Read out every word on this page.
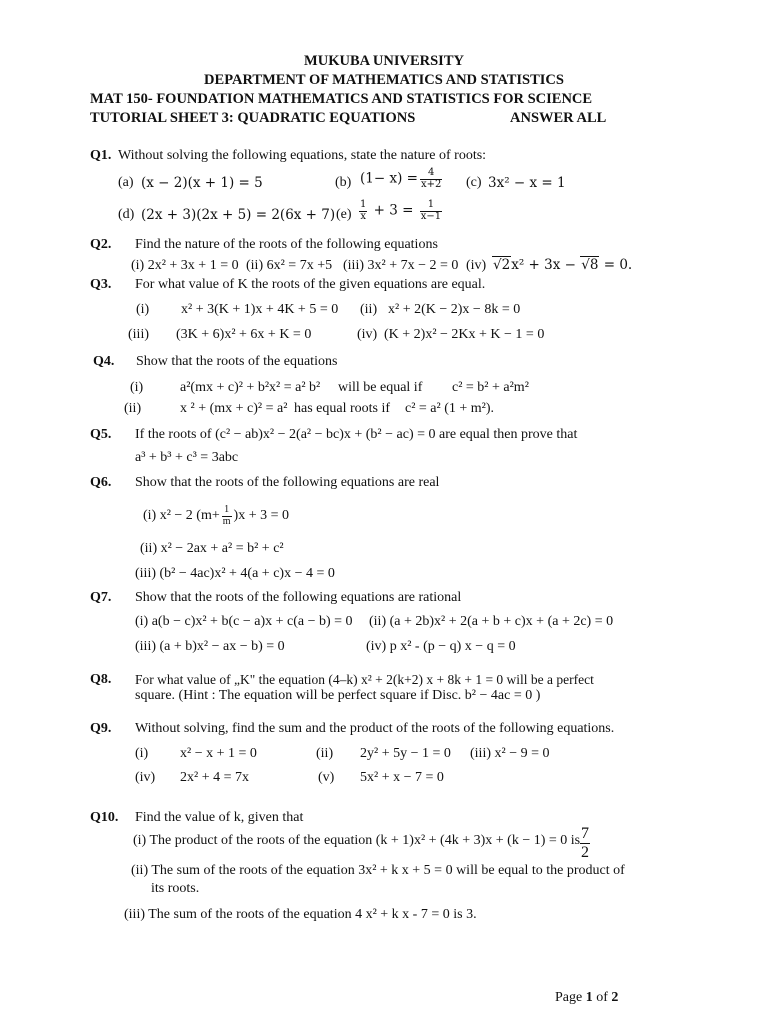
MUKUBA UNIVERSITY
DEPARTMENT OF MATHEMATICS AND STATISTICS
MAT 150- FOUNDATION MATHEMATICS AND STATISTICS FOR SCIENCE
TUTORIAL SHEET 3: QUADRATIC EQUATIONS	ANSWER ALL
Q1. Without solving the following equations, state the nature of roots:
(a) (x − 2)(x + 1) = 5	(b) $(1- x) = \frac{4}{x+2} (c) 3x^2 - x = 1$
(d) (2x + 3)(2x + 5) = 2(6x + 7) $(e) \frac{1}{x} + 3 = \frac{1}{x-1}$
Q2. Find the nature of the roots of the following equations
(i) 2x² + 3x + 1 = 0 (ii) 6x² = 7x +5 (iii) 3x² + 7x − 2 = 0 (iv) √2x² + 3x − √8 = 0.
Q3. For what value of K the roots of the given equations are equal.
(i) x² + 3(K + 1)x + 4K + 5 = 0 (ii) x² + 2(K − 2)x − 8k = 0
(iii) (3K + 6)x² + 6x + K = 0	(iv) (K + 2)x² − 2Kx + K − 1 = 0
Q4. Show that the roots of the equations
(i)	a²(mx + c)² + b²x² = a² b² will be equal if c² = b² + a²m²
(ii)	x ² + (mx + c)² = a² has equal roots if c² = a² (1 + m²).
Q5. If the roots of (c² − ab)x² − 2(a² − bc)x + (b² − ac) = 0 are equal then prove that
a³ + b³ + c³ = 3abc
Q6. Show that the roots of the following equations are real
(i) x² − 2 $(m+ \frac{1}{m} )x + 3 = 0$
(ii) x² − 2ax + a² = b² + c²
(iii) (b² − 4ac)x² + 4(a + c)x − 4 = 0
Q7. Show that the roots of the following equations are rational
(i) a(b − c)x² + b(c − a)x + c(a − b) = 0 (ii) (a + 2b)x² + 2(a + b + c)x + (a + 2c) = 0
(iii) (a + b)x² − ax − b) = 0	(iv) p x² - (p − q) x − q = 0
Q8. For what value of „K" the equation (4–k) x² + 2(k+2) x + 8k + 1 = 0 will be a perfect
square. (Hint : The equation will be perfect square if Disc. b² − 4ac = 0 )
Q9. Without solving, find the sum and the product of the roots of the following equations.
(i) x² − x + 1 = 0	(ii) 2y² + 5y − 1 = 0 (iii) x² − 9 = 0
(iv) 2x² + 4 = 7x	(v) 5x² + x − 7 = 0
Q10. Find the value of k, given that
(i) The product of the roots of the equation (k + 1)x² + (4k + 3)x + (k − 1) = 0 is $\frac{7}{2}$
(ii) The sum of the roots of the equation 3x² + k x + 5 = 0 will be equal to the product of
its roots.
(iii) The sum of the roots of the equation 4 x² + k x - 7 = 0 is 3.
Page 1 of 2
